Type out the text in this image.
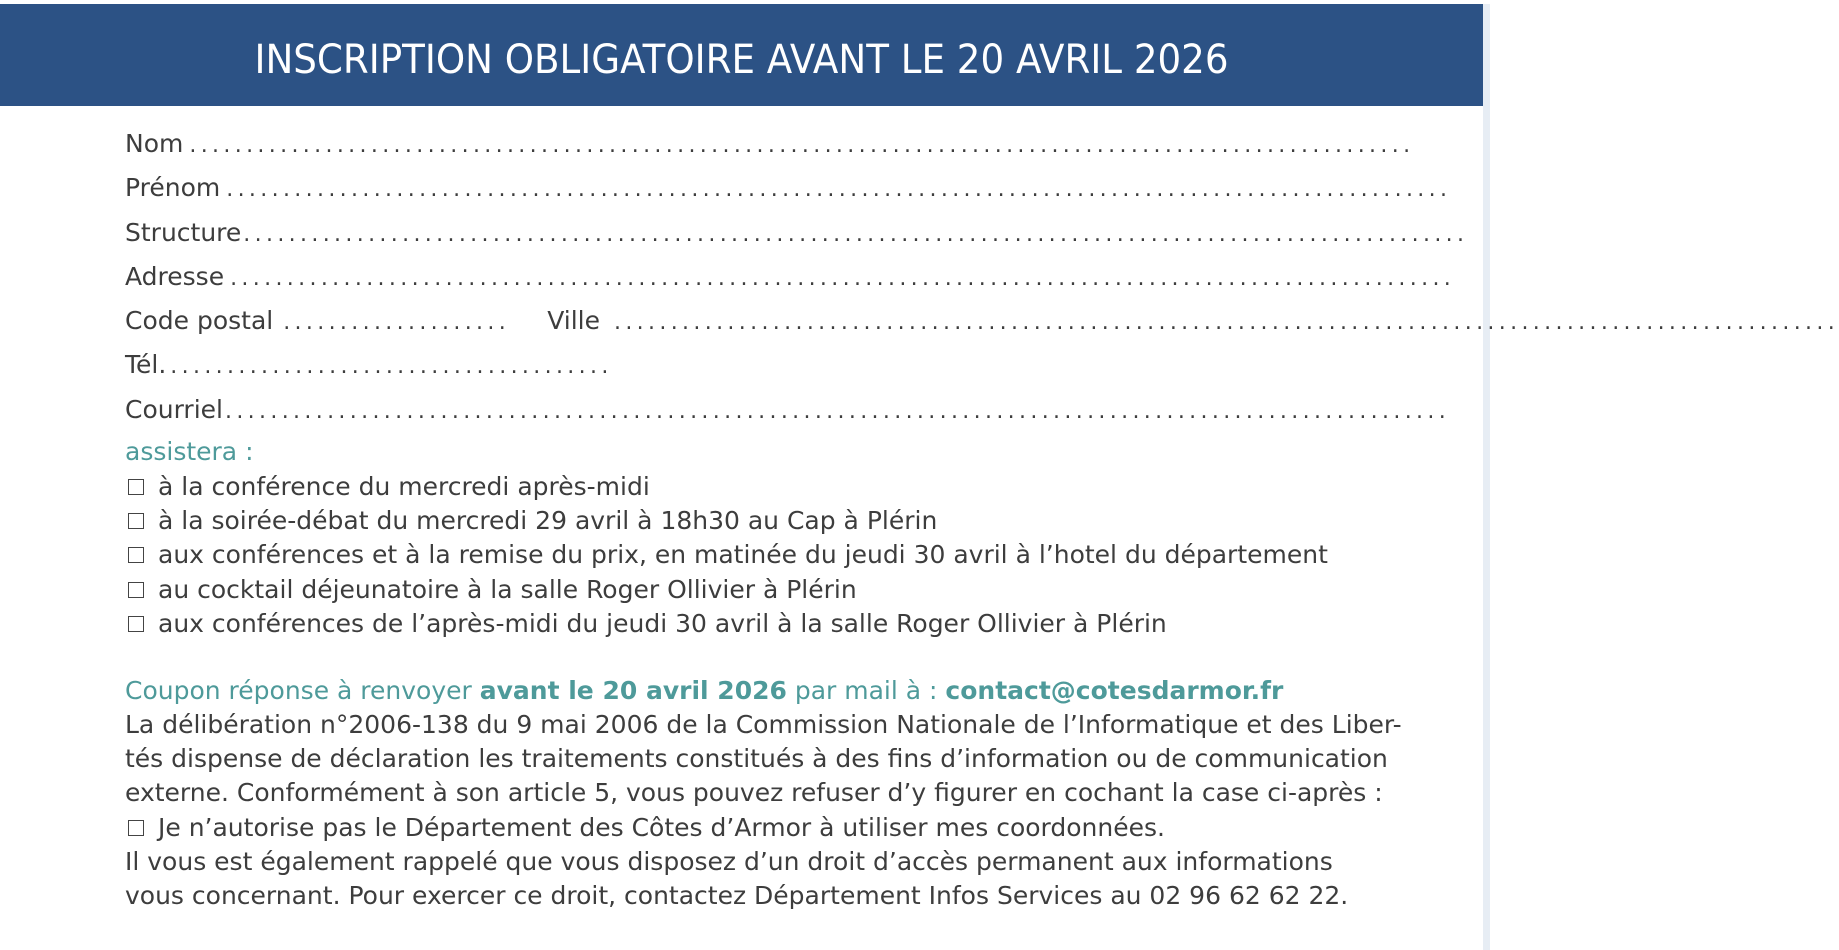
INSCRIPTION OBLIGATOIRE AVANT LE 20 AVRIL 2026
Nom ............................................................................................................
Prénom ............................................................................................................
Structure ............................................................................................................
Adresse ............................................................................................................
Code postal ....................	Ville ............................................................................................................
Tél. .......................................
Courriel ............................................................................................................
assistera :
à la conférence du mercredi après-midi
à la soirée-débat du mercredi 29 avril à 18h30 au Cap à Plérin
aux conférences et à la remise du prix, en matinée du jeudi 30 avril à l’hotel du département
au cocktail déjeunatoire à la salle Roger Ollivier à Plérin
aux conférences de l’après-midi du jeudi 30 avril à la salle Roger Ollivier à Plérin
Coupon réponse à renvoyer avant le 20 avril 2026 par mail à : contact@cotesdarmor.fr
La délibération n°2006-138 du 9 mai 2006 de la Commission Nationale de l’Informatique et des Liber-
tés dispense de déclaration les traitements constitués à des fins d’information ou de communication
externe. Conformément à son article 5, vous pouvez refuser d’y figurer en cochant la case ci-après :
Je n’autorise pas le Département des Côtes d’Armor à utiliser mes coordonnées.
Il vous est également rappelé que vous disposez d’un droit d’accès permanent aux informations
vous concernant. Pour exercer ce droit, contactez Département Infos Services au 02 96 62 62 22.
